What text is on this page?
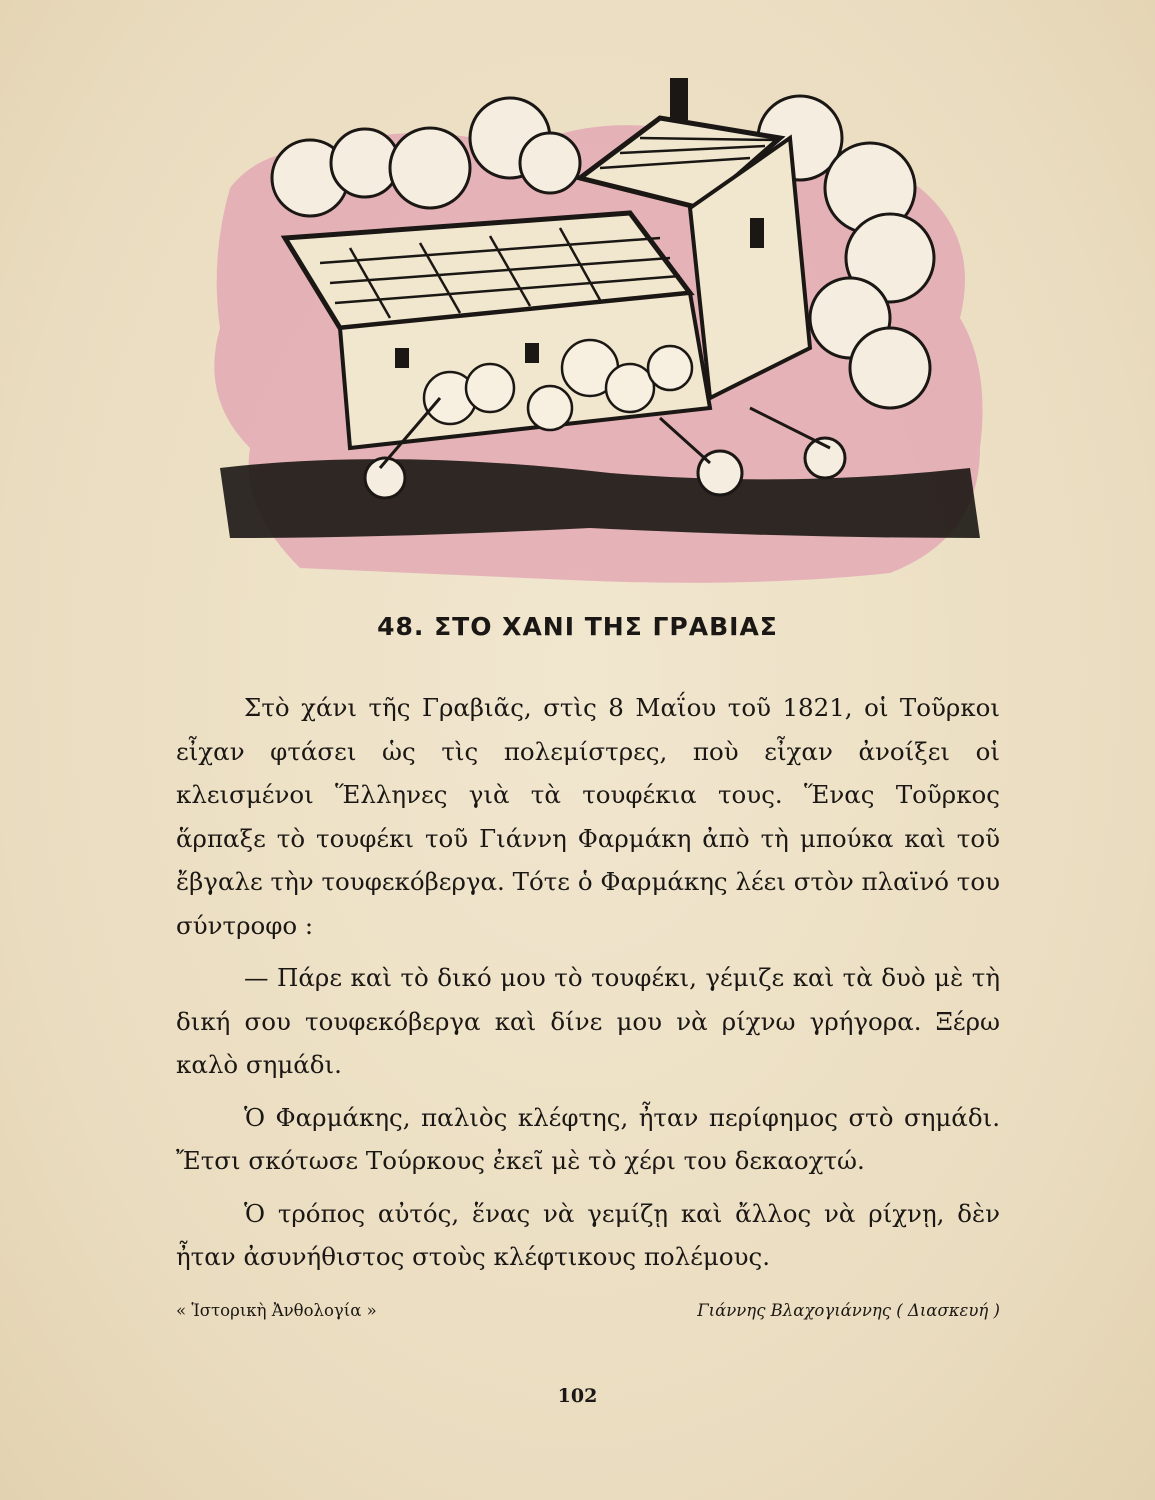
48. ΣΤΟ ΧΑΝΙ ΤΗΣ ΓΡΑΒΙΑΣ

Στὸ χάνι τῆς Γραβιᾶς, στὶς 8 Μαΐου τοῦ 1821, οἱ Τοῦρκοι εἶχαν φτάσει ὡς τὶς πολεμίστρες, ποὺ εἶχαν ἀνοίξει οἱ κλεισμένοι Ἕλληνες γιὰ τὰ τουφέκια τους. Ἕνας Τοῦρκος ἅρπαξε τὸ τουφέκι τοῦ Γιάννη Φαρμάκη ἀπὸ τὴ μπούκα καὶ τοῦ ἔβγαλε τὴν τουφεκόβεργα. Τότε ὁ Φαρμάκης λέει στὸν πλαϊνό του σύντροφο :

— Πάρε καὶ τὸ δικό μου τὸ τουφέκι, γέμιζε καὶ τὰ δυὸ μὲ τὴ δική σου τουφεκόβεργα καὶ δίνε μου νὰ ρίχνω γρήγορα. Ξέρω καλὸ σημάδι.

Ὁ Φαρμάκης, παλιὸς κλέφτης, ἦταν περίφημος στὸ σημάδι. Ἔτσι σκότωσε Τούρκους ἐκεῖ μὲ τὸ χέρι του δεκαοχτώ.

Ὁ τρόπος αὐτός, ἕνας νὰ γεμίζῃ καὶ ἄλλος νὰ ρίχνῃ, δὲν ἦταν ἀσυνήθιστος στοὺς κλέφτικους πολέμους.

« Ἱστορικὴ Ἀνθολογία »	Γιάννης Βλαχογιάννης ( Διασκευή )
102
